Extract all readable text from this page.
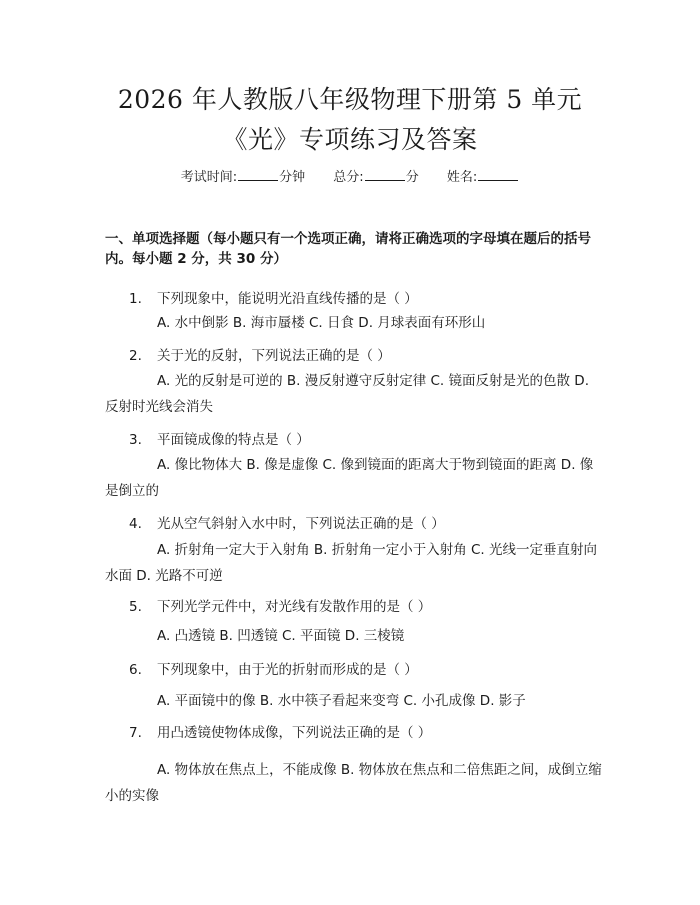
2026 年人教版八年级物理下册第 5 单元
《光》专项练习及答案
考试时间:	分钟 总分:	分 姓名:
一、单项选择题（每小题只有一个选项正确，请将正确选项的字母填在题后的括号内。每小题 2 分，共 30 分）
1.	下列现象中，能说明光沿直线传播的是（ ）
A. 水中倒影 B. 海市蜃楼 C. 日食 D. 月球表面有环形山
2.	关于光的反射，下列说法正确的是（ ）
A. 光的反射是可逆的 B. 漫反射遵守反射定律 C. 镜面反射是光的色散 D. 反射时光线会消失
3.	平面镜成像的特点是（ ）
A. 像比物体大 B. 像是虚像 C. 像到镜面的距离大于物到镜面的距离 D. 像是倒立的
4.	光从空气斜射入水中时，下列说法正确的是（ ）
A. 折射角一定大于入射角 B. 折射角一定小于入射角 C. 光线一定垂直射向水面 D. 光路不可逆
5.	下列光学元件中，对光线有发散作用的是（ ）
A. 凸透镜 B. 凹透镜 C. 平面镜 D. 三棱镜
6.	下列现象中，由于光的折射而形成的是（ ）
A. 平面镜中的像 B. 水中筷子看起来变弯 C. 小孔成像 D. 影子
7.	用凸透镜使物体成像，下列说法正确的是（ ）
A. 物体放在焦点上，不能成像 B. 物体放在焦点和二倍焦距之间，成倒立缩小的实像
